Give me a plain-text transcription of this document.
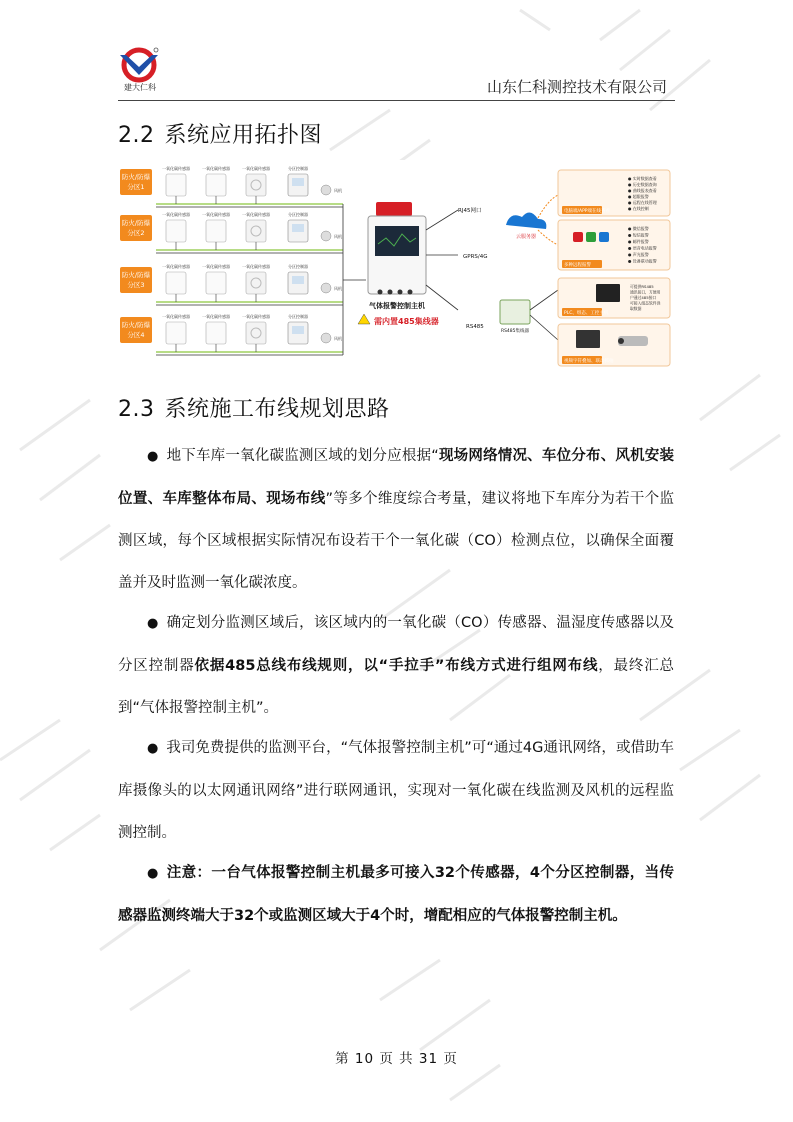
建大仁科	山东仁科测控技术有限公司
2.2 系统应用拓扑图
防火/防爆
分区1
一氧化碳传感器	一氧化碳传感器	一氧化碳传感器	分区控制器
风机
防火/防爆
分区2
一氧化碳传感器	一氧化碳传感器	一氧化碳传感器	分区控制器
风机
防火/防爆
分区3
一氧化碳传感器	一氧化碳传感器	一氧化碳传感器	分区控制器
风机
防火/防爆
分区4
一氧化碳传感器	一氧化碳传感器	一氧化碳传感器	分区控制器
风机
气体报警控制主机
需内置485集线器
RJ45网口
GPRS/4G
RS485
云服务器
RS485集线器
电脑端/APP端在线查看
● 实时数据查看
● 历史数据查询
● 曲线报表查看
● 超限报警
● 远程在线管理
● 在线控制
多种远程报警
● 微信报警
● 短信报警
● 邮件报警
● 语音电话报警
● 声光报警
● 设备联动报警
PLC、组态、工控主机
可提供RS485
通讯接口，方便用
户通过485接口
可接入组态软件读
取数据
视频字符叠加、联动抓拍
2.3 系统施工布线规划思路

● 地下车库一氧化碳监测区域的划分应根据“现场网络情况、车位分布、风机安装位置、车库整体布局、现场布线”等多个维度综合考量，建议将地下车库分为若干个监测区域，每个区域根据实际情况布设若干个一氧化碳（CO）检测点位，以确保全面覆盖并及时监测一氧化碳浓度。

● 确定划分监测区域后，该区域内的一氧化碳（CO）传感器、温湿度传感器以及分区控制器依据485总线布线规则，以“手拉手”布线方式进行组网布线，最终汇总到“气体报警控制主机”。

● 我司免费提供的监测平台，“气体报警控制主机”可“通过4G通讯网络，或借助车库摄像头的以太网通讯网络”进行联网通讯，实现对一氧化碳在线监测及风机的远程监测控制。

● 注意：一台气体报警控制主机最多可接入32个传感器，4个分区控制器，当传感器监测终端大于32个或监测区域大于4个时，增配相应的气体报警控制主机。

第 10 页 共 31 页
